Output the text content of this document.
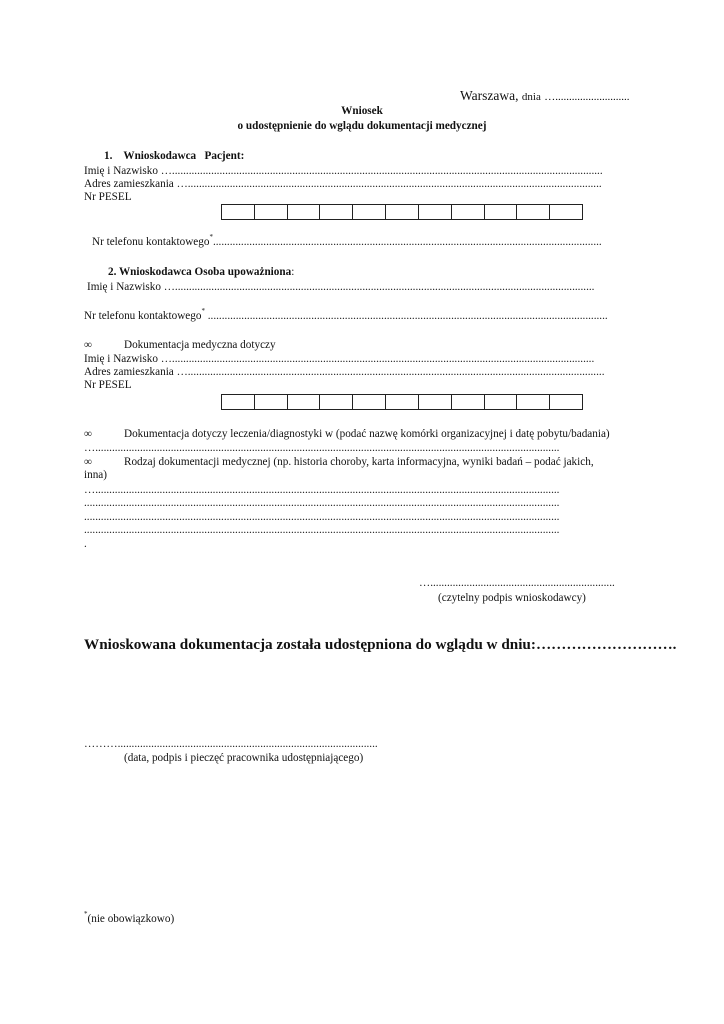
Warszawa, dnia …...........................
Wniosek
o udostępnienie do wglądu dokumentacji medycznej
1. Wnioskodawca Pacjent:
Imię i Nazwisko …..........................................................................................................................................................
Adres zamieszkania …....................................................................................................................................................
Nr PESEL
Nr telefonu kontaktowego*...........................................................................................................................................
2. Wnioskodawca Osoba upoważniona:
Imię i Nazwisko …......................................................................................................................................................
Nr telefonu kontaktowego* ...............................................................................................................................................
∞	Dokumentacja medyczna dotyczy
Imię i Nazwisko ….......................................................................................................................................................
Adres zamieszkania ….....................................................................................................................................................
Nr PESEL
∞	Dokumentacja dotyczy leczenia/diagnostyki w (podać nazwę komórki organizacyjnej i datę pobytu/badania)
…......................................................................................................................................................................
∞	Rodzaj dokumentacji medycznej (np. historia choroby, karta informacyjna, wyniki badań – podać jakich,
inna)
…......................................................................................................................................................................
..........................................................................................................................................................................
..........................................................................................................................................................................
..........................................................................................................................................................................
.
…..................................................................
(czytelny podpis wnioskodawcy)
Wnioskowana dokumentacja została udostępniona do wglądu w dniu:……………………….
……….............................................................................................
(data, podpis i pieczęć pracownika udostępniającego)
*(nie obowiązkowo)
